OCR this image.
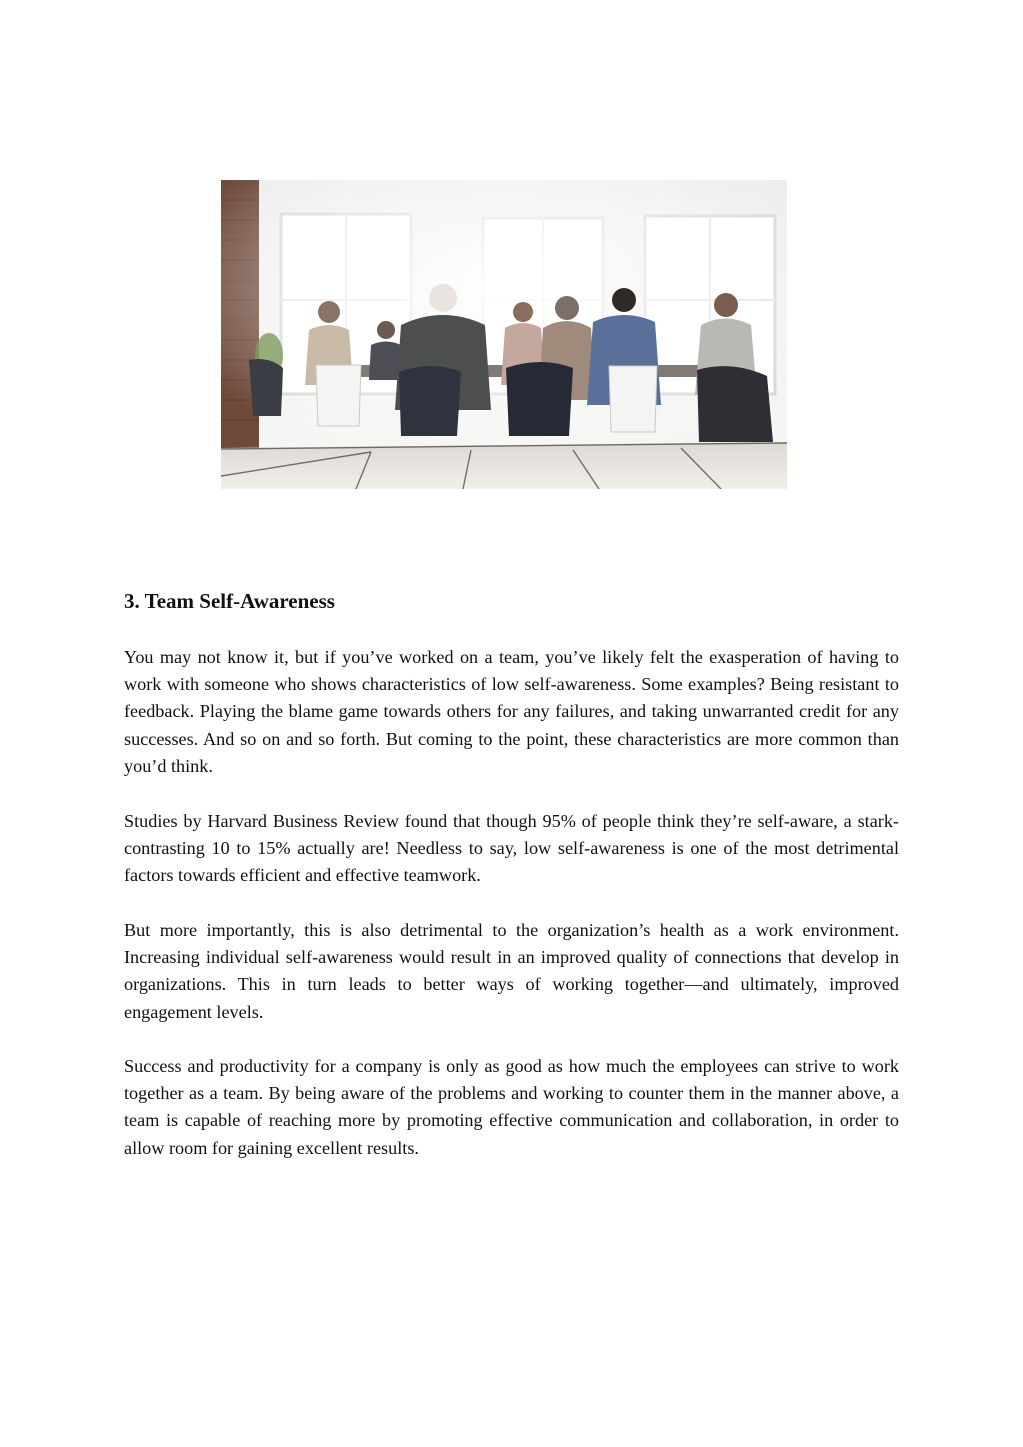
3. Team Self-Awareness

You may not know it, but if you’ve worked on a team, you’ve likely felt the exasperation of having to work with someone who shows characteristics of low self-awareness. Some examples? Being resistant to feedback. Playing the blame game towards others for any failures, and taking unwarranted credit for any successes. And so on and so forth. But coming to the point, these characteristics are more common than you’d think.

Studies by Harvard Business Review found that though 95% of people think they’re self-aware, a stark-contrasting 10 to 15% actually are! Needless to say, low self-awareness is one of the most detrimental factors towards efficient and effective teamwork.

But more importantly, this is also detrimental to the organization’s health as a work environment. Increasing individual self-awareness would result in an improved quality of connections that develop in organizations. This in turn leads to better ways of working together—and ultimately, improved engagement levels.

Success and productivity for a company is only as good as how much the employees can strive to work together as a team. By being aware of the problems and working to counter them in the manner above, a team is capable of reaching more by promoting effective communication and collaboration, in order to allow room for gaining excellent results.
